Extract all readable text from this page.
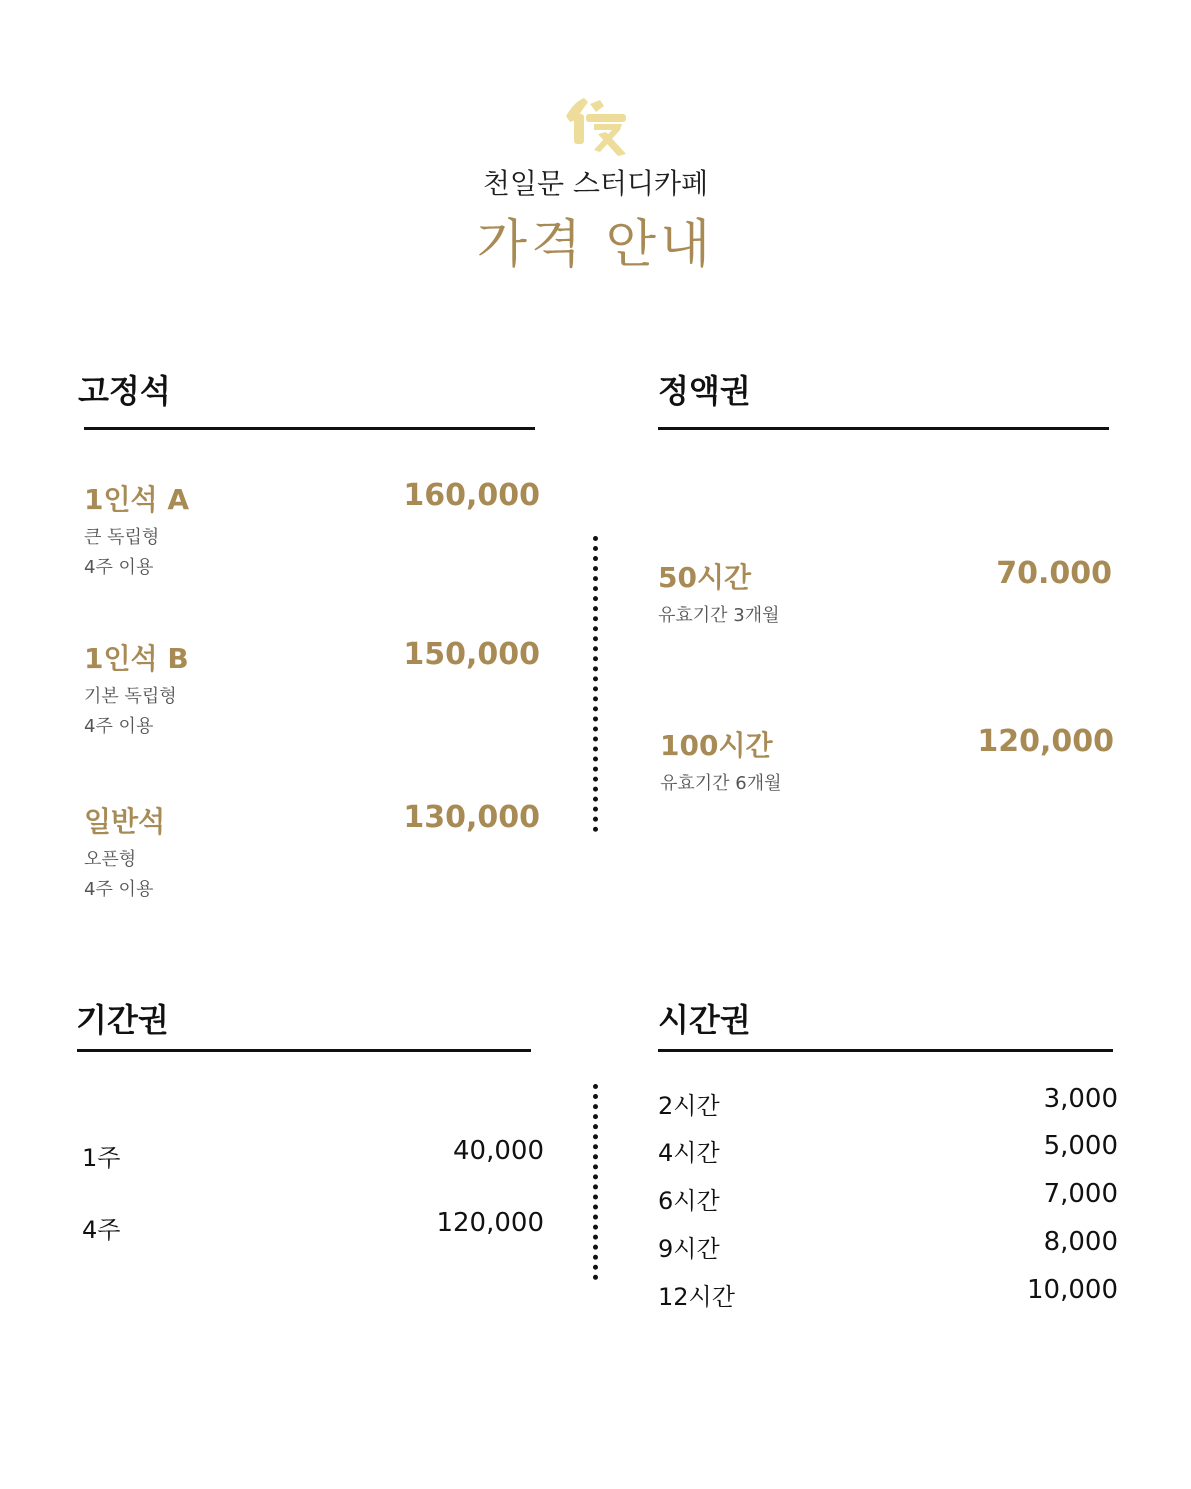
천일문 스터디카페
가격 안내
고정석
1인석 A	160,000
큰 독립형
4주 이용
1인석 B	150,000
기본 독립형
4주 이용
일반석	130,000
오픈형
4주 이용
정액권
50시간	70.000
유효기간 3개월
100시간	120,000
유효기간 6개월
기간권
1주	40,000
4주	120,000
시간권
2시간	3,000
4시간	5,000
6시간	7,000
9시간	8,000
12시간	10,000
